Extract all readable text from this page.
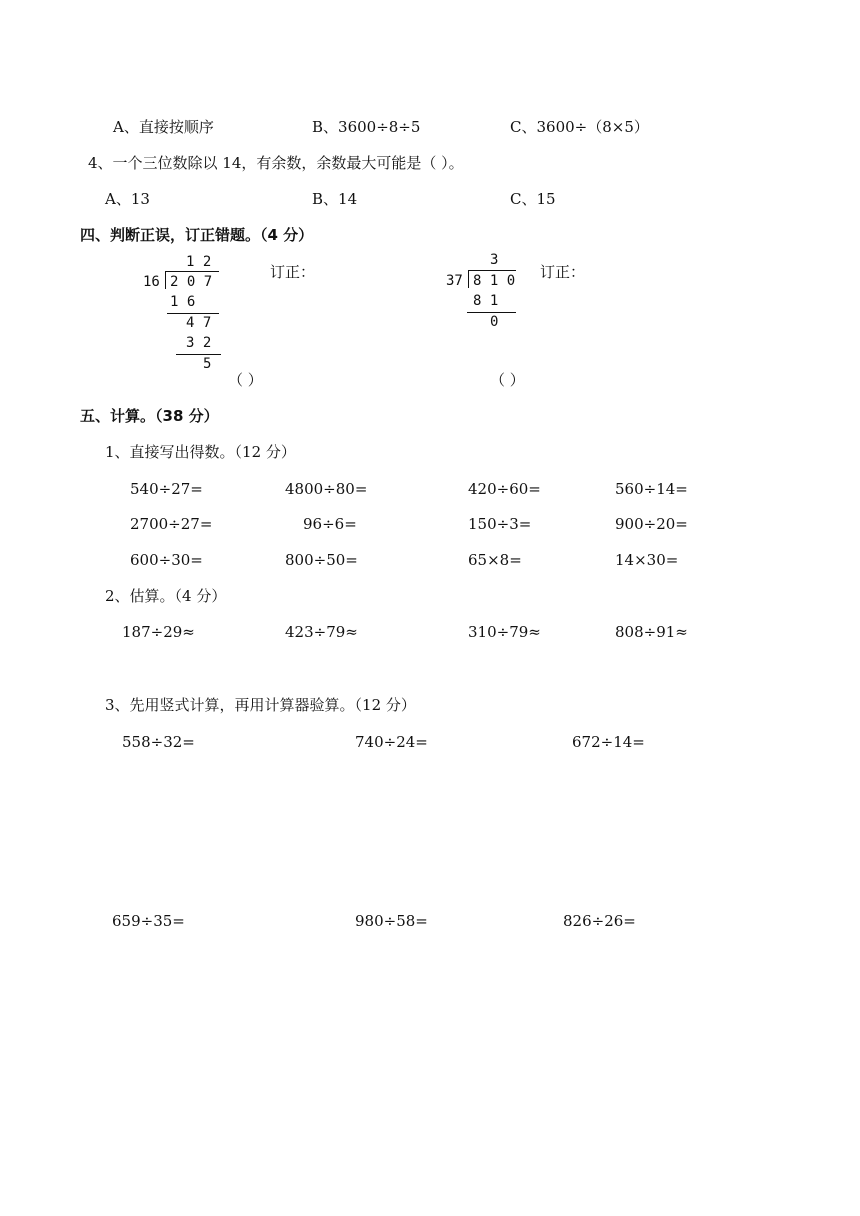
A、直接按顺序	B、3600÷8÷5	C、3600÷（8×5）
4、一个三位数除以 14，有余数，余数最大可能是（ ）。
A、13	B、14	C、15
四、判断正误，订正错题。（4 分）
1 2
16 2 0 7
1 6
4 7
3 2
5
订正：
（ ）
3
37 8 1 0
8 1
0
订正：
（ ）
五、计算。（38 分）
1、直接写出得数。（12 分）
540÷27=	4800÷80=	420÷60=	560÷14=
2700÷27=	96÷6=	150÷3=	900÷20=
600÷30=	800÷50=	65×8=	14×30=
2、估算。（4 分）
187÷29≈	423÷79≈	310÷79≈	808÷91≈
3、先用竖式计算，再用计算器验算。（12 分）
558÷32=	740÷24=	672÷14=
659÷35=	980÷58=	826÷26=
